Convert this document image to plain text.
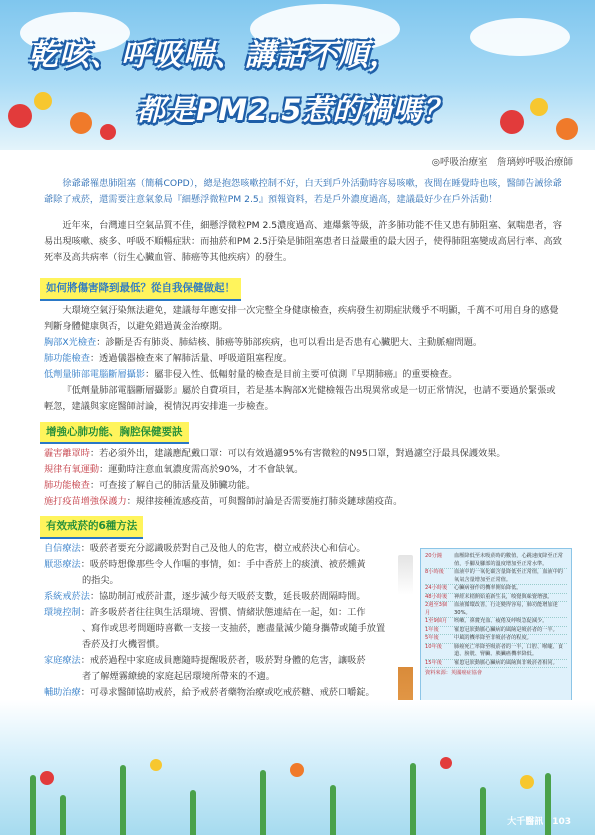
乾咳、呼吸喘、講話不順，
都是PM2.5惹的禍嗎？
◎呼吸治療室　詹璃婷呼吸治療師

徐爺爺罹患肺阻塞（簡稱COPD），總是抱怨咳嗽控制不好，白天到戶外活動時容易咳嗽，夜間在睡覺時也咳，醫師告誡徐爺爺除了戒菸，還需要注意氣象局『細懸浮微粒PM 2.5』預報資料，若是戶外濃度過高，建議最好少在戶外活動！

近年來，台灣連日空氣品質不佳，細懸浮微粒PM 2.5濃度過高、連爆紫等級，許多肺功能不佳又患有肺阻塞、氣喘患者，容易出現咳嗽、痰多、呼吸不順暢症狀：而抽菸和PM 2.5汙染是肺阻塞患者日益嚴重的最大因子，使得肺阻塞變成高居行率、高致死率及高共病率（衍生心臟血管、肺癌等其他疾病）的發生。

如何將傷害降到最低？從自我保健做起！

大環境空氣汙染無法避免，建議每年應安排一次完整全身健康檢查，疾病發生初期症狀幾乎不明顯，千萬不可用自身的感覺判斷身體健康與否，以避免錯過黃金治療期。

胸部X光檢查：診斷是否有肺炎、肺結核、肺癌等肺部疾病，也可以看出是否患有心臟肥大、主動脈瘤問題。
肺功能檢查：透過儀器檢查來了解肺活量、呼吸道阻塞程度。
低劑量肺部電腦斷層攝影：屬非侵入性、低輻射量的檢查是目前主要可偵測『早期肺癌』的重要檢查。

『低劑量肺部電腦斷層攝影』屬於自費項目，若是基本胸部X光健檢報告出現異常或是一切正常情況，也請不要過於緊張或輕忽，建議與家庭醫師討論，視情況再安排進一步檢查。

增強心肺功能、胸腔保健要訣
霾害離罩時：若必須外出，建議應配戴口罩：可以有效過濾95%有害微粒的N95口罩，對過濾空汙最具保護效果。
規律有氧運動：運動時注意血氧濃度需高於90%，才不會缺氧。
肺功能檢查：可查接了解自己的肺活量及肺臟功能。
施打疫苗增強保護力：規律接種流感疫苗，可與醫師討論是否需要施打肺炎鏈球菌疫苗。
有效戒菸的6種方法
自信療法：吸菸者要充分認識吸菸對自己及他人的危害，樹立戒菸決心和信心。
厭惡療法：吸菸時想像那些令人作嘔的事情，如：手中香菸上的痰漬、被菸燻黃
的指尖。
系統戒菸法：協助制訂戒菸計畫，逐步減少每天吸菸支數，延長吸菸間隔時間。
環境控制：許多吸菸者往往與生活環境、習慣、情緒狀態連結在一起，如：工作
、寫作或思考問題時喜歡一支接一支抽菸，應盡量減少隨身攜帶或隨手放置香菸及打火機習慣。
家庭療法：戒菸過程中家庭成員應隨時提醒吸菸者，吸菸對身體的危害，讓吸菸
者了解煙霧繚繞的家庭起居環境所帶來的不適。
輔助治療：可尋求醫師協助戒菸，給予戒菸者藥物治療或吃戒菸糖、戒菸口嚼錠。
20分鐘	血壓降低至未吸菸時的數值，心跳速度降至正常值，手腳及腳部的溫度增加至正常水準。
8小時後	血液中的一氧化碳含量降低至正常值，血液中的氧氣含量增加至正常值。
24小時後	心臟病發作的機率開始降低。
48小時後	神經末梢開始重新生長，嗅覺與味覺增強。
2週至3個月
血液循環改善，行走變得容易，肺功能增加達30%。
1至9個月	咳嗽、鼻竇充血、疲倦及呼吸急促減少。
1年後	罹患冠狀動脈心臟病的風險是吸菸者的一半。
5年後	中風的機率降至非吸菸者的程度。
10年後	肺癌死亡率降至吸菸者的一半，口腔、喉嚨、食道、膀胱、腎臟、胰臟癌機率降低。
15年後	罹患冠狀動脈心臟病的風險與非吸菸者相同。
資料來源：英國癌症協會
大千醫訊　103
